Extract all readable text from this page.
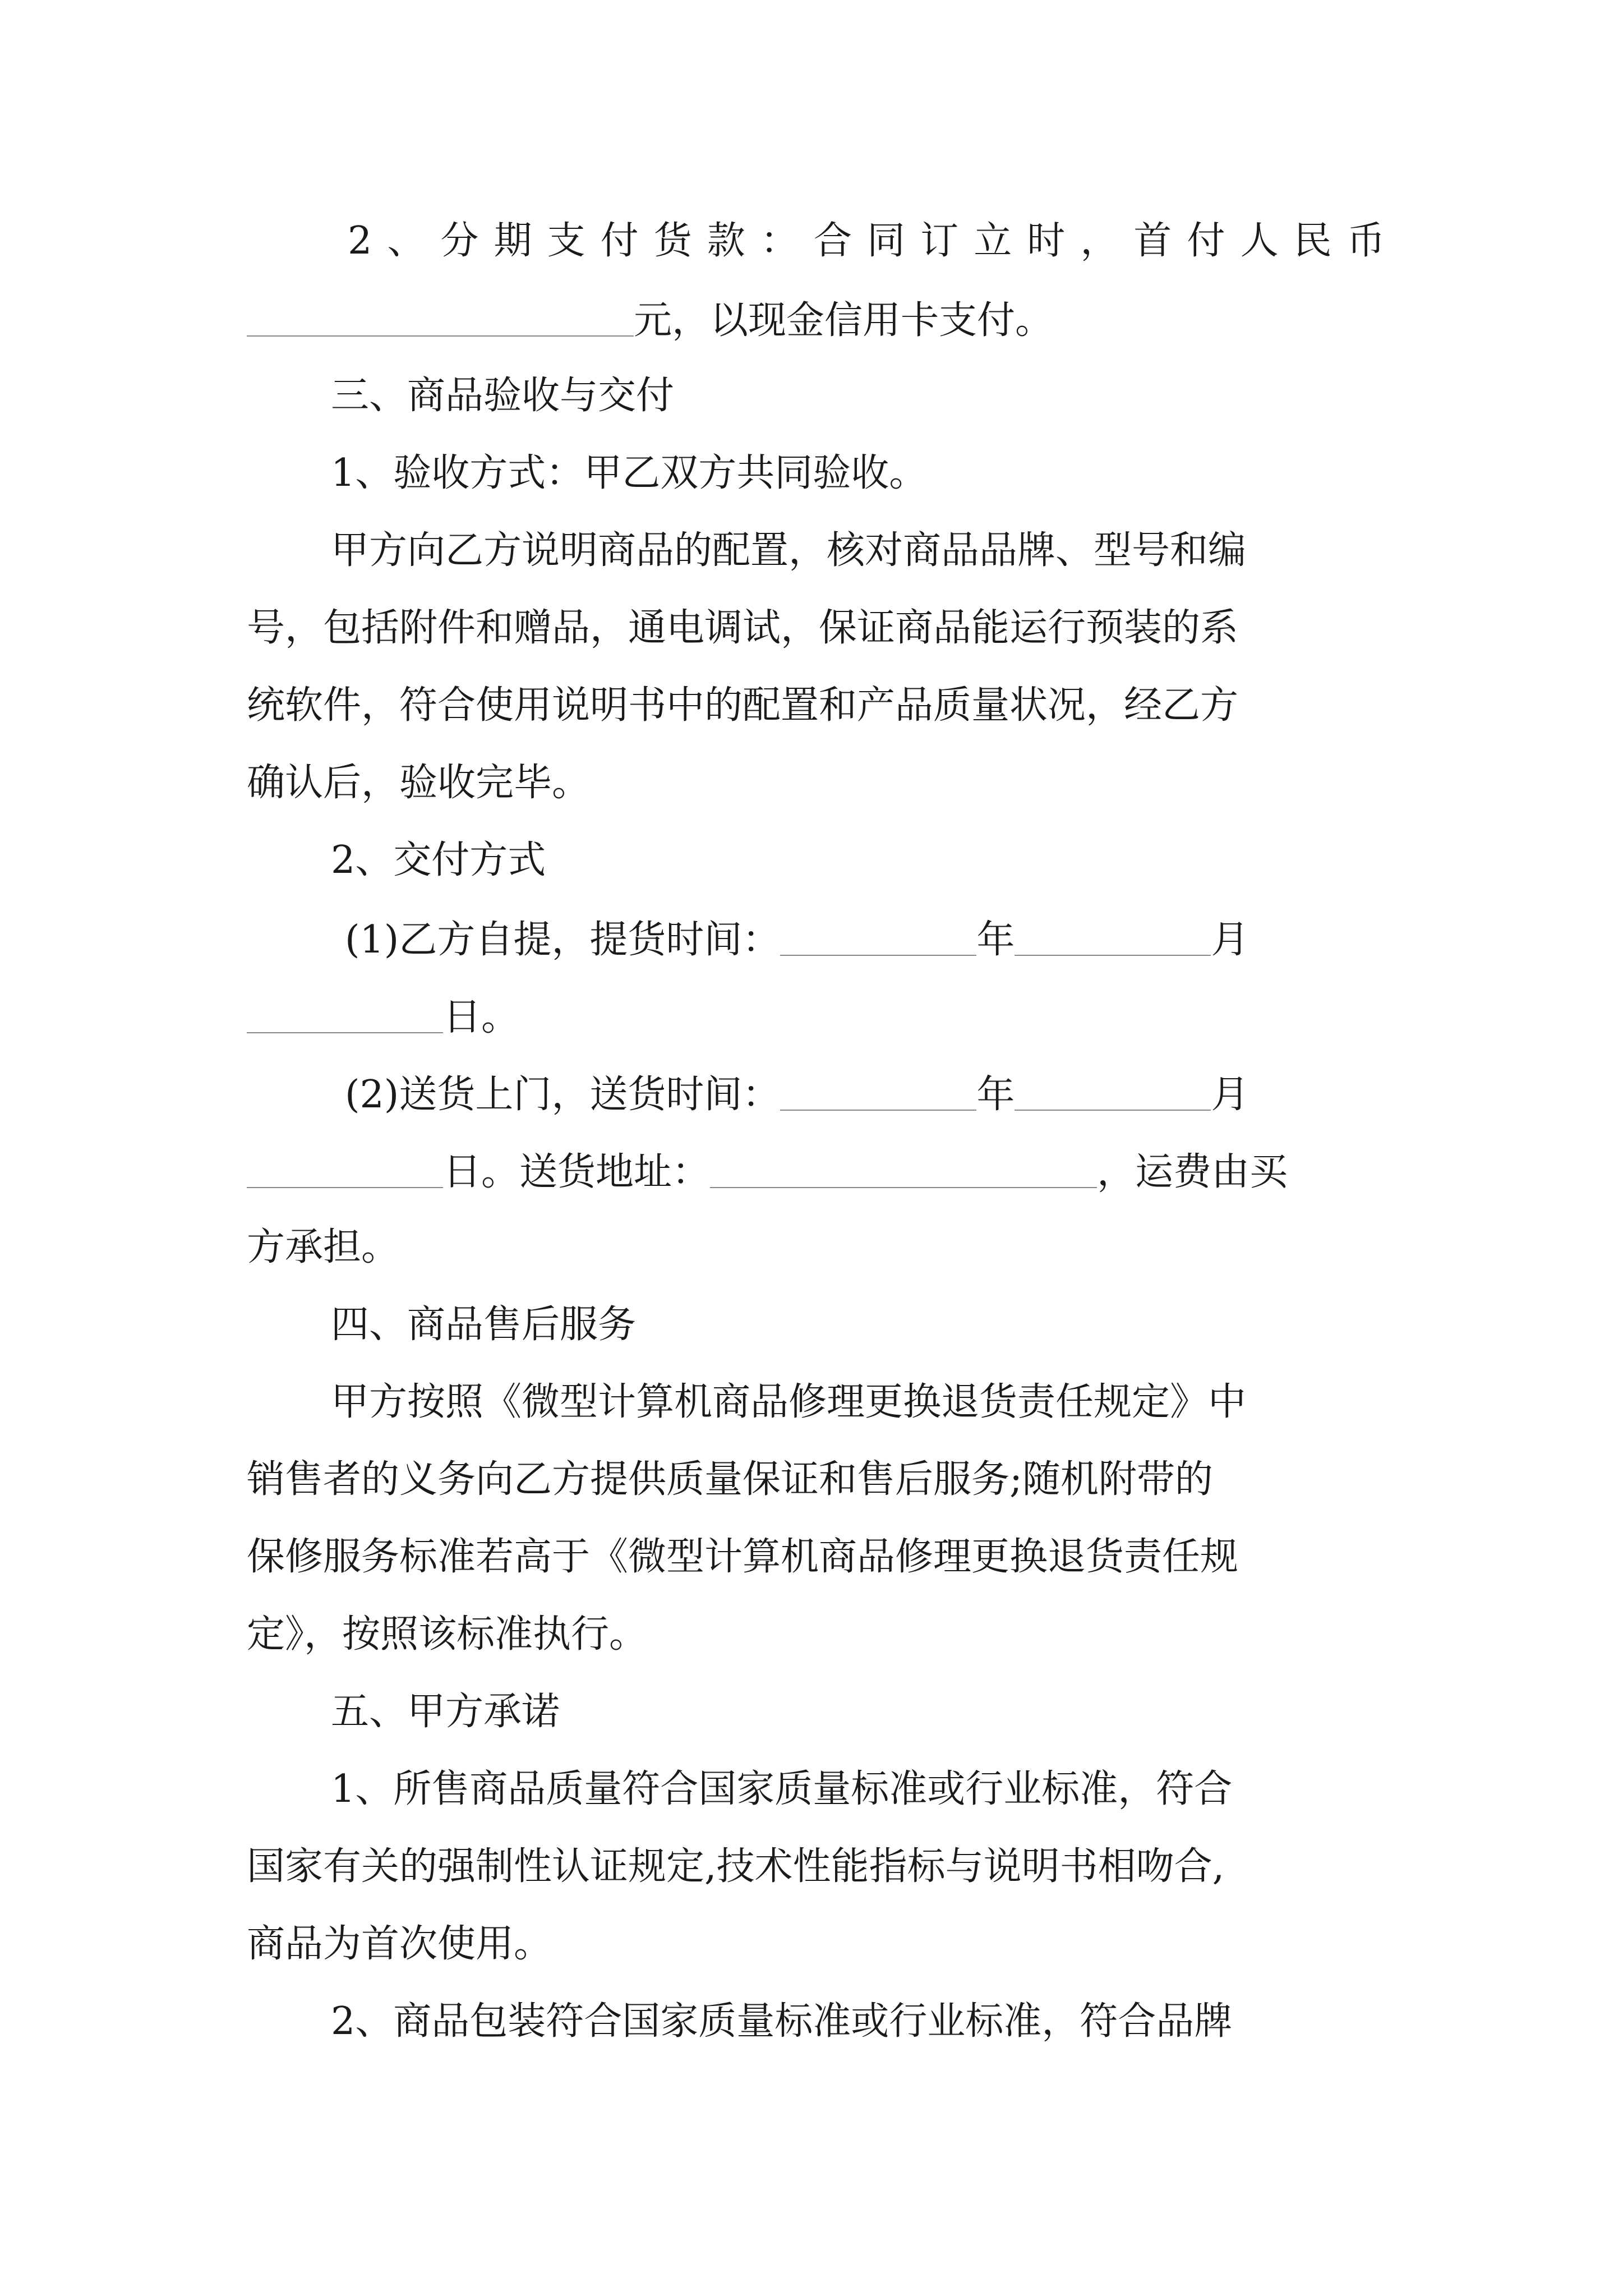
2 、 分 期 支 付 货 款 ： 合 同 订 立 时 ， 首 付 人 民 币
元，以现金信用卡支付。
三、商品验收与交付
1、验收方式：甲乙双方共同验收。
甲方向乙方说明商品的配置，核对商品品牌、型号和编
号，包括附件和赠品，通电调试，保证商品能运行预装的系
统软件，符合使用说明书中的配置和产品质量状况，经乙方
确认后，验收完毕。
2、交付方式
(1)乙方自提，提货时间：	年	月
日。
(2)送货上门，送货时间：	年	月
日。送货地址：	，运费由买
方承担。
四、商品售后服务
甲方按照《微型计算机商品修理更换退货责任规定》中
销售者的义务向乙方提供质量保证和售后服务;随机附带的
保修服务标准若高于《微型计算机商品修理更换退货责任规
定》，按照该标准执行。
五、甲方承诺
1、所售商品质量符合国家质量标准或行业标准，符合
国家有关的强制性认证规定,技术性能指标与说明书相吻合,
商品为首次使用。
2、商品包装符合国家质量标准或行业标准，符合品牌
